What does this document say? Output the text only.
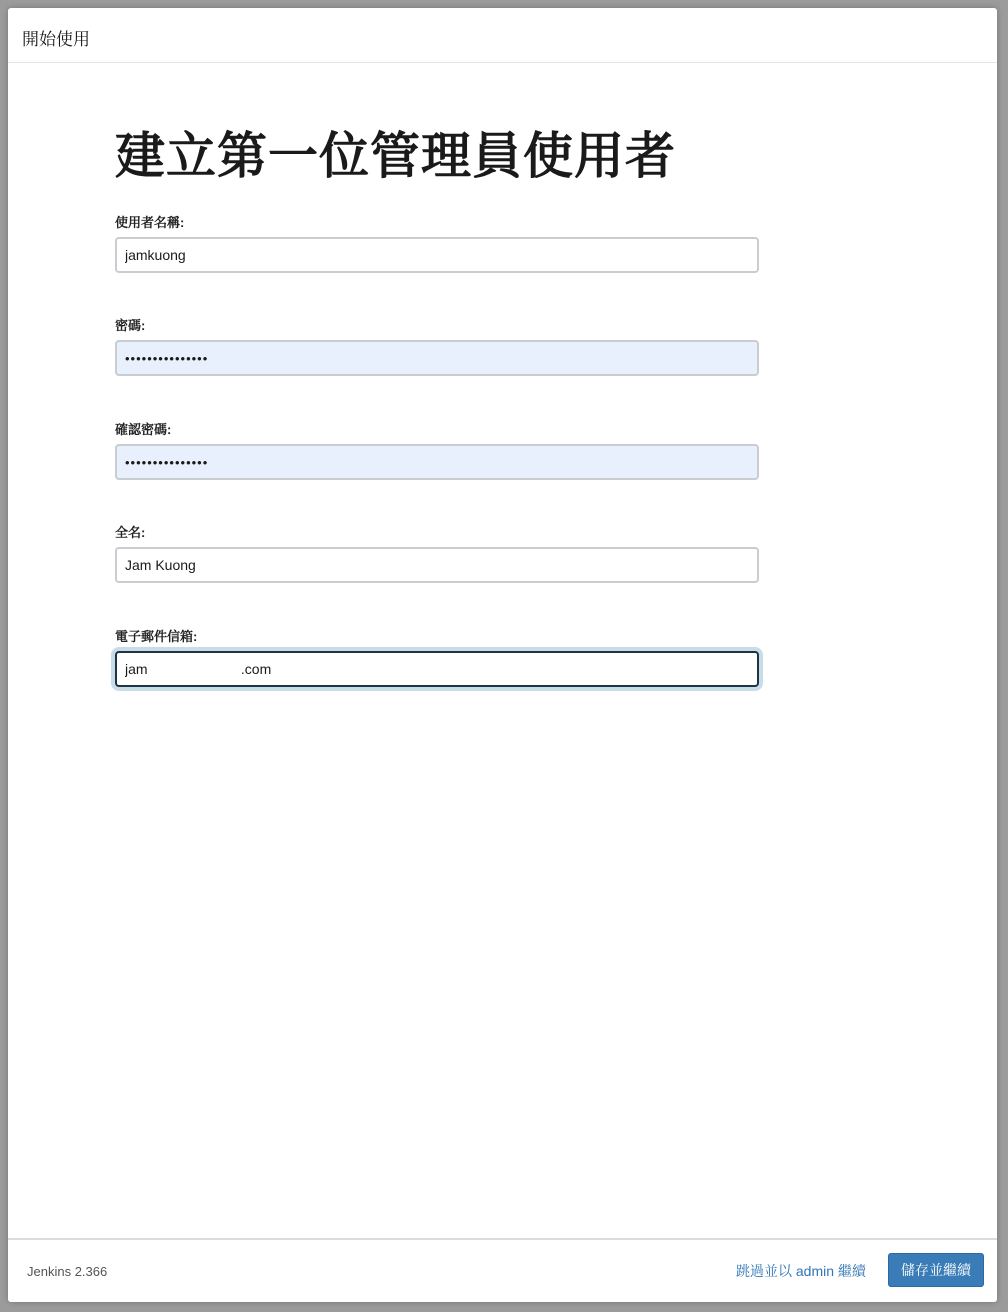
開始使用
建立第一位管理員使用者
使用者名稱:
jamkuong
密碼:
•••••••••••••••
確認密碼:
•••••••••••••••
全名:
Jam Kuong
電子郵件信箱:
jam .com
Jenkins 2.366	跳過並以 admin 繼續	儲存並繼續
